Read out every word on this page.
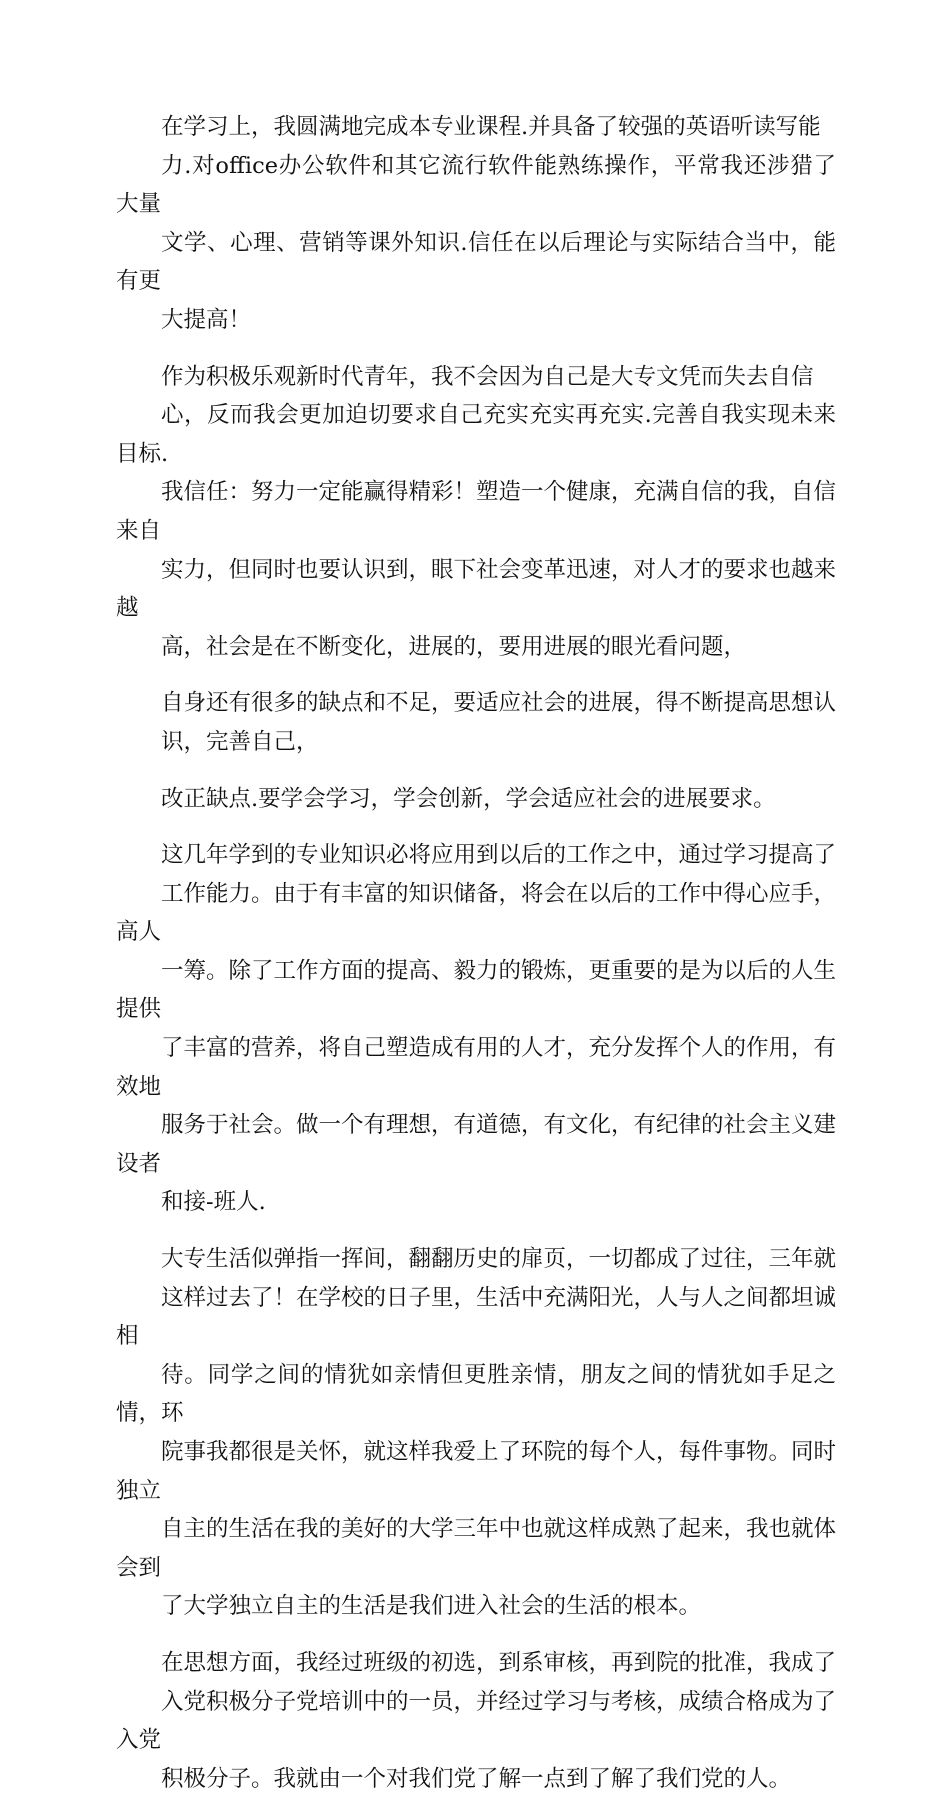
在学习上，我圆满地完成本专业课程.并具备了较强的英语听读写能
力.对office办公软件和其它流行软件能熟练操作，平常我还涉猎了大量
文学、心理、营销等课外知识.信任在以后理论与实际结合当中，能有更
大提高！

作为积极乐观新时代青年，我不会因为自己是大专文凭而失去自信
心，反而我会更加迫切要求自己充实充实再充实.完善自我实现未来目标.
我信任：努力一定能赢得精彩！塑造一个健康，充满自信的我，自信来自
实力，但同时也要认识到，眼下社会变革迅速，对人才的要求也越来越
高，社会是在不断变化，进展的，要用进展的眼光看问题，

自身还有很多的缺点和不足，要适应社会的进展，得不断提高思想认
识，完善自己，

改正缺点.要学会学习，学会创新，学会适应社会的进展要求。

这几年学到的专业知识必将应用到以后的工作之中，通过学习提高了
工作能力。由于有丰富的知识储备，将会在以后的工作中得心应手，高人
一筹。除了工作方面的提高、毅力的锻炼，更重要的是为以后的人生提供
了丰富的营养，将自己塑造成有用的人才，充分发挥个人的作用，有效地
服务于社会。做一个有理想，有道德，有文化，有纪律的社会主义建设者
和接-班人.

大专生活似弹指一挥间，翻翻历史的扉页，一切都成了过往，三年就
这样过去了！在学校的日子里，生活中充满阳光，人与人之间都坦诚相
待。同学之间的情犹如亲情但更胜亲情，朋友之间的情犹如手足之情，环
院事我都很是关怀，就这样我爱上了环院的每个人，每件事物。同时独立
自主的生活在我的美好的大学三年中也就这样成熟了起来，我也就体会到
了大学独立自主的生活是我们进入社会的生活的根本。

在思想方面，我经过班级的初选，到系审核，再到院的批准，我成了
入党积极分子党培训中的一员，并经过学习与考核，成绩合格成为了入党
积极分子。我就由一个对我们党了解一点到了解了我们党的人。
